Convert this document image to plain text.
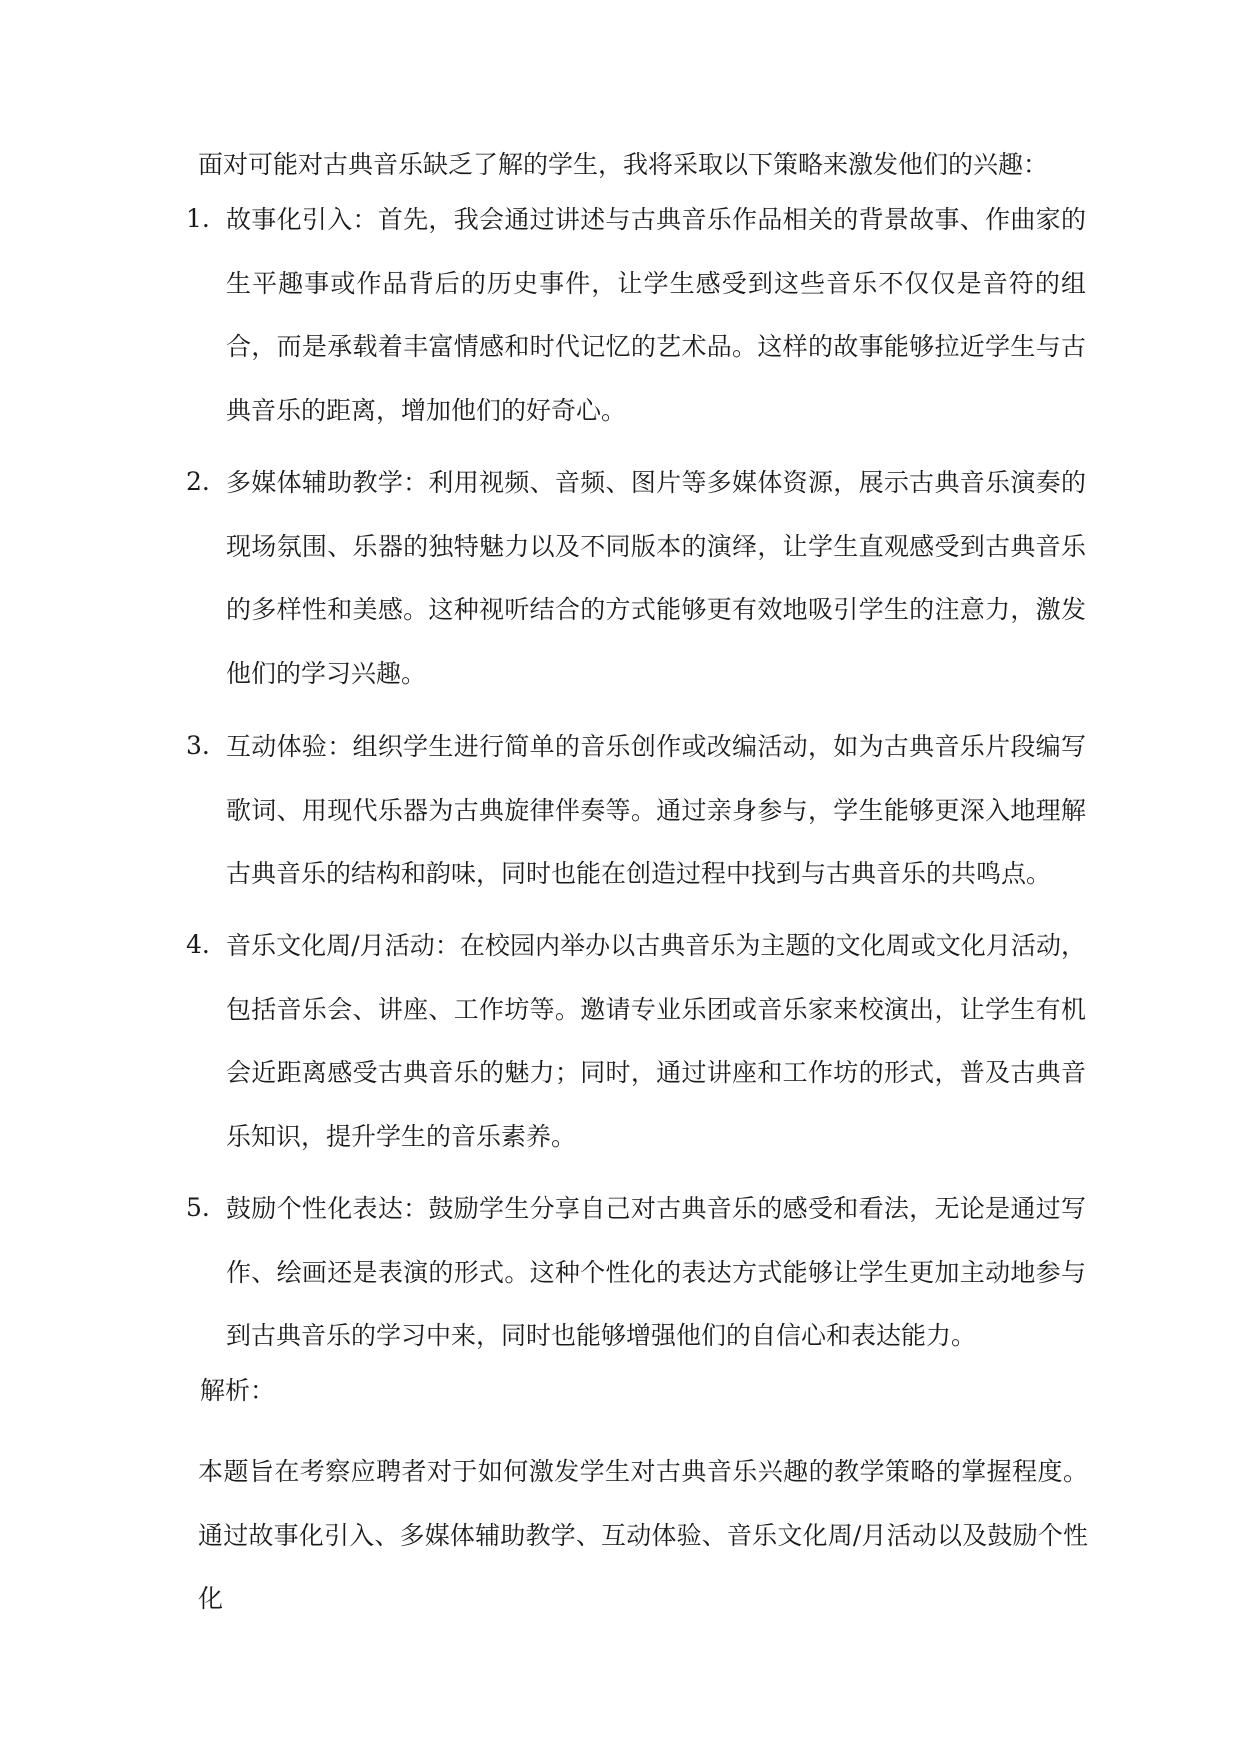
面对可能对古典音乐缺乏了解的学生，我将采取以下策略来激发他们的兴趣：
1. 故事化引入：首先，我会通过讲述与古典音乐作品相关的背景故事、作曲家的生平趣事或作品背后的历史事件，让学生感受到这些音乐不仅仅是音符的组合，而是承载着丰富情感和时代记忆的艺术品。这样的故事能够拉近学生与古典音乐的距离，增加他们的好奇心。

2. 多媒体辅助教学：利用视频、音频、图片等多媒体资源，展示古典音乐演奏的现场氛围、乐器的独特魅力以及不同版本的演绎，让学生直观感受到古典音乐的多样性和美感。这种视听结合的方式能够更有效地吸引学生的注意力，激发他们的学习兴趣。

3. 互动体验：组织学生进行简单的音乐创作或改编活动，如为古典音乐片段编写歌词、用现代乐器为古典旋律伴奏等。通过亲身参与，学生能够更深入地理解古典音乐的结构和韵味，同时也能在创造过程中找到与古典音乐的共鸣点。

4. 音乐文化周/月活动：在校园内举办以古典音乐为主题的文化周或文化月活动，包括音乐会、讲座、工作坊等。邀请专业乐团或音乐家来校演出，让学生有机会近距离感受古典音乐的魅力；同时，通过讲座和工作坊的形式，普及古典音乐知识，提升学生的音乐素养。

5. 鼓励个性化表达：鼓励学生分享自己对古典音乐的感受和看法，无论是通过写作、绘画还是表演的形式。这种个性化的表达方式能够让学生更加主动地参与到古典音乐的学习中来，同时也能够增强他们的自信心和表达能力。

解析：

本题旨在考察应聘者对于如何激发学生对古典音乐兴趣的教学策略的掌握程度。通过故事化引入、多媒体辅助教学、互动体验、音乐文化周/月活动以及鼓励个性化
